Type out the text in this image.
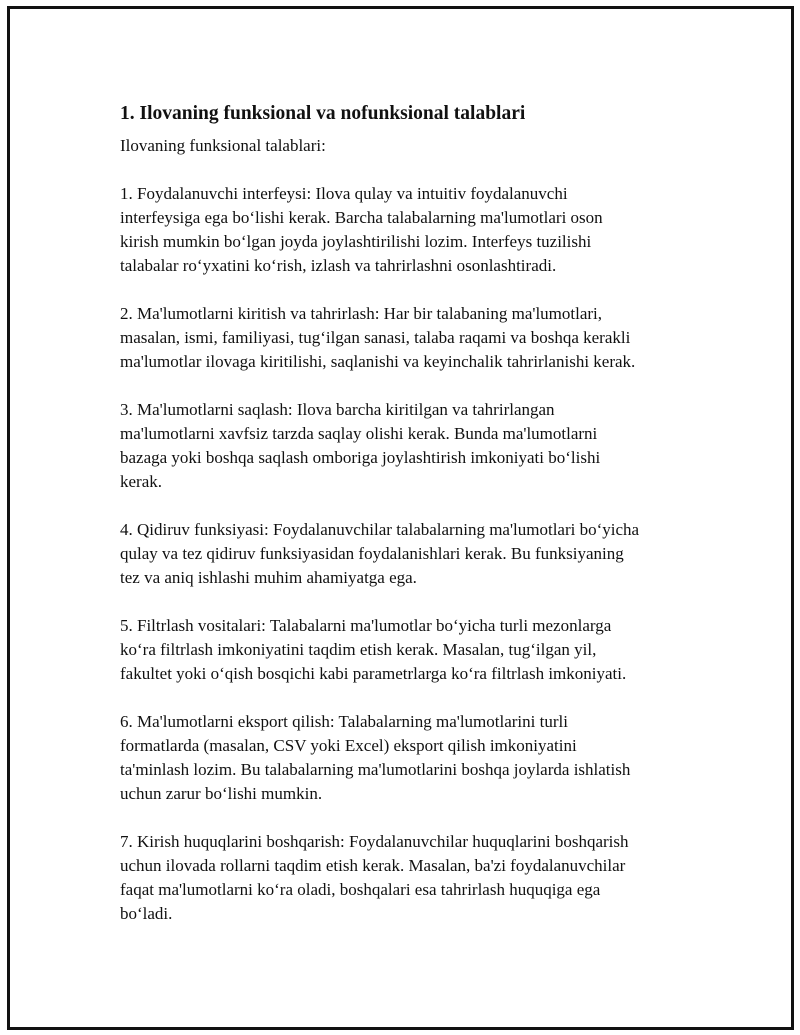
1. Ilovaning funksional va nofunksional talablari

Ilovaning funksional talablari:

1. Foydalanuvchi interfeysi: Ilova qulay va intuitiv foydalanuvchi
interfeysiga ega bo‘lishi kerak. Barcha talabalarning ma'lumotlari oson
kirish mumkin bo‘lgan joyda joylashtirilishi lozim. Interfeys tuzilishi
talabalar ro‘yxatini ko‘rish, izlash va tahrirlashni osonlashtiradi.
2. Ma'lumotlarni kiritish va tahrirlash: Har bir talabaning ma'lumotlari,
masalan, ismi, familiyasi, tug‘ilgan sanasi, talaba raqami va boshqa kerakli
ma'lumotlar ilovaga kiritilishi, saqlanishi va keyinchalik tahrirlanishi kerak.
3. Ma'lumotlarni saqlash: Ilova barcha kiritilgan va tahrirlangan
ma'lumotlarni xavfsiz tarzda saqlay olishi kerak. Bunda ma'lumotlarni
bazaga yoki boshqa saqlash omboriga joylashtirish imkoniyati bo‘lishi
kerak.
4. Qidiruv funksiyasi: Foydalanuvchilar talabalarning ma'lumotlari bo‘yicha
qulay va tez qidiruv funksiyasidan foydalanishlari kerak. Bu funksiyaning
tez va aniq ishlashi muhim ahamiyatga ega.
5. Filtrlash vositalari: Talabalarni ma'lumotlar bo‘yicha turli mezonlarga
ko‘ra filtrlash imkoniyatini taqdim etish kerak. Masalan, tug‘ilgan yil,
fakultet yoki o‘qish bosqichi kabi parametrlarga ko‘ra filtrlash imkoniyati.
6. Ma'lumotlarni eksport qilish: Talabalarning ma'lumotlarini turli
formatlarda (masalan, CSV yoki Excel) eksport qilish imkoniyatini
ta'minlash lozim. Bu talabalarning ma'lumotlarini boshqa joylarda ishlatish
uchun zarur bo‘lishi mumkin.
7. Kirish huquqlarini boshqarish: Foydalanuvchilar huquqlarini boshqarish
uchun ilovada rollarni taqdim etish kerak. Masalan, ba'zi foydalanuvchilar
faqat ma'lumotlarni ko‘ra oladi, boshqalari esa tahrirlash huquqiga ega
bo‘ladi.
